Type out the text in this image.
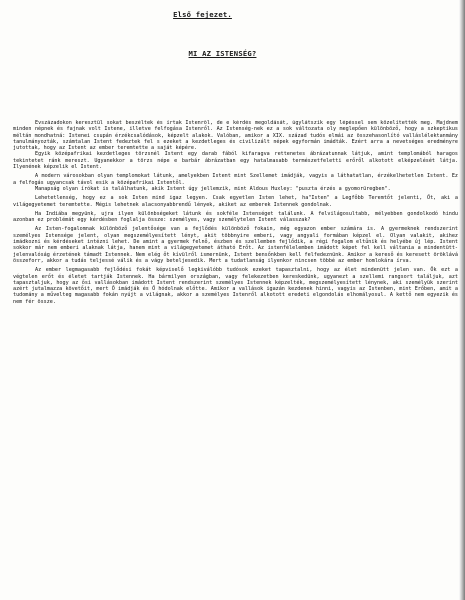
Első fejezet.
MI AZ ISTENSÉG?

Évszázadokon keresztül sokat beszéltek és írtak Istenről, de e kérdés megoldását, úgylátszik egy lépéssel sem közelítették meg. Majdnem minden népnek és fajnak volt Istene, illetve felfogása Istenről. Az Istenség-nek ez a sok változata oly meglepően különböző, hogy a szkeptikus méltán mondhatná: Istenei csupán érzékcsalódások, képzelt alakok. Valóban, amikor a XIX. század tudós elmái az összehasonlító valláslélektanmány tanulmányozták, számtalan Istent fedeztek fel s ezeket a kezdetleges és civilizált népek egyformán imádták. Ezért arra a nevetséges eredményre jutottak, hogy az Istent az ember teremtette a saját képére.

Egyik középafrikai kezdetleges törzsnél Istent egy darab fából kifaragva rettenetes ábrázatunnak látjuk, amint templomából haragos tekintetet ránk mereszt. Ugyanekkor a törzs népe e barbár ábrázatban egy hatalmasabb természetfeletti erőről alkotott elképzelését látja. Ilyenének képzelik el Istent.

A modern városokban olyan templomokat látunk, amelyekben Istent mint Szellemet imádják, vagyis a láthatatlan, érzékelhetetlen Istent. Ez a felfogás ugyancsak távol esik a középafrikai Istentől.

Manapság olyan írókat is találhatunk, akik Istent úgy jellemzik, mint Aldous Huxley: "puszta érzés a gyomorüregben".

Lehetetlenség, hogy ez a sok Isten mind igaz legyen. Csak egyetlen Isten lehet, ha"Isten" a Legfőbb Teremtőt jelenti, Őt, aki a világegyetemet teremtette. Mégis lehetnek alacsonyabbrendű lények, akiket az emberek Istennek gondolnak.

Ha Indiába megyünk, ujra ilyen különbségeket látunk és sokféle Istenséget találunk. A felvilágosultabb, mélyebben gondolkodó hindu azonban ez problémát egy kérdésben foglalja össze: személyes, vagy személytelen Istent válasszak?

Az Isten-fogalomnak különböző jelentősége van a fejlődés különböző fokain, még egyazon ember számára is. A gyermeknek rendszerint személyes Istensége jelent, olyan megszemélyesített lényt, akit többnyire emberi, vagy angyali formában képzel el. Olyan valakit, akihez imádkozni és kérdéseket intézni lehet. De amint a gyermek felnő, észben és szellemben fejlődik, a régi fogalom eltűnik és helyébe új lép. Istent sokkor már nem emberi alaknak látja, hanem mint a világegyetemet átható Erőt. Az istenfélelemben imádott képet fel kell váltania a mindentütt-jelenvalóság érzetének támadt Istennek. Nem elég őt kívülről ismernünk, Istent bensőnkben kell felfedeznünk. Amikor a kereső és keresett öröklává összeforr, akkor a tudás teljessé válik és a vágy beteljesedik. Mert a tudatlanság ilyenkor nincsen többé az ember homlokára írva.

Az ember legmagasabb fejlődési fokát képviselő legkiválóbb tudósok ezeket tapasztalni, hogy az élet mindenütt jelen van. Ők ezt a végtelen erőt és életet tartják Istennek. Ha bármilyen országban, vagy felekezetben kereskedünk, ugyanezt a szellemi rangsort találjuk, azt tapasztaljuk, hogy az ősi vallásokban imádott Istent rendszerint személyes Istennek képzelték, megszemélyesített lénynek, aki személyük szerint azért jutalmazza követőit, mert Ő imádják és Ő hódolnak előtte. Amikor a vallások igazán kezdenek hinni, vagyis az Istenben, mint Erőben, amit a tudomány a művelteg magasabb fokán nyújt a világnak, akkor a személyes Istenről alkotott eredeti elgondolás elhomályosul. A kettő nem egyezik és nem fér össze.
